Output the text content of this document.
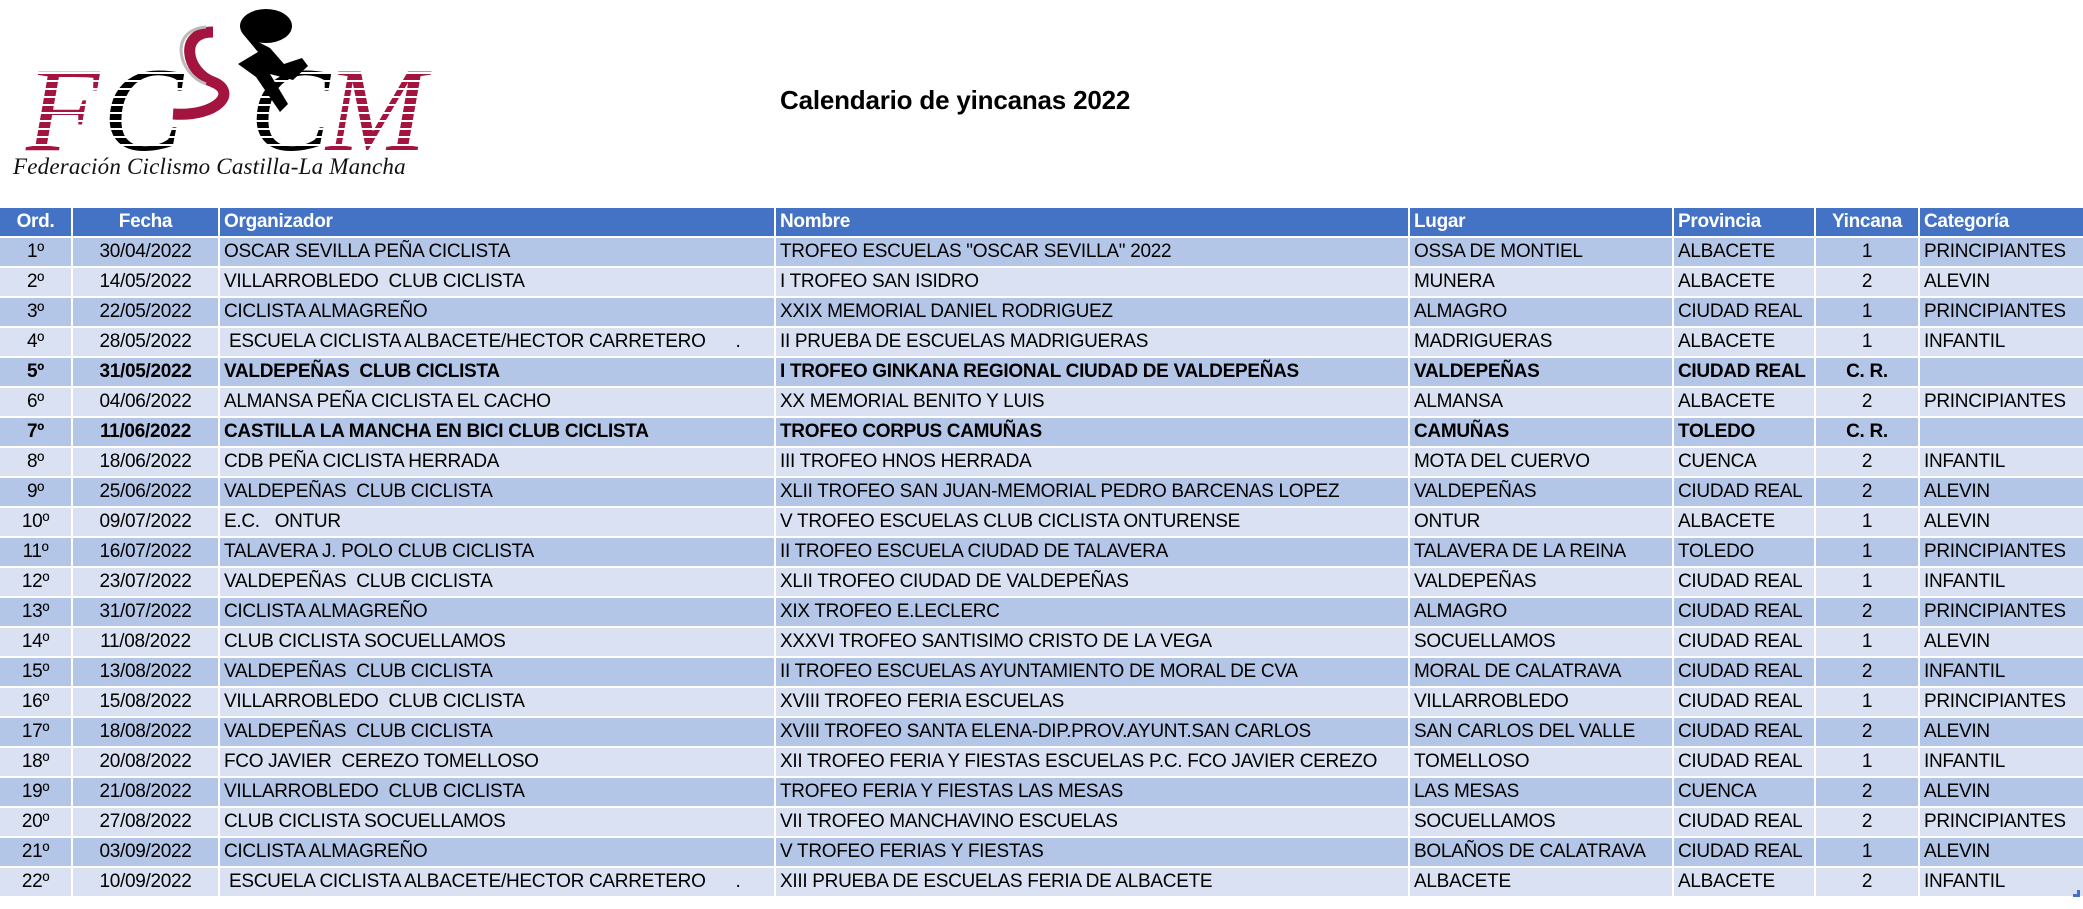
F C C
M
Federación Ciclismo Castilla-La Mancha
Calendario de yincanas 2022
Ord.	Fecha	Organizador	Nombre	Lugar	Provincia	Yincana	Categoría
1º	30/04/2022	OSCAR SEVILLA PEÑA CICLISTA	TROFEO ESCUELAS "OSCAR SEVILLA" 2022	OSSA DE MONTIEL	ALBACETE	1	PRINCIPIANTES
2º	14/05/2022	VILLARROBLEDO  CLUB CICLISTA	I TROFEO SAN ISIDRO	MUNERA	ALBACETE	2	ALEVIN
3º	22/05/2022	CICLISTA ALMAGREÑO	XXIX MEMORIAL DANIEL RODRIGUEZ	ALMAGRO	CIUDAD REAL	1	PRINCIPIANTES
4º	28/05/2022	ESCUELA CICLISTA ALBACETE/HECTOR CARRETERO      .	II PRUEBA DE ESCUELAS MADRIGUERAS	MADRIGUERAS	ALBACETE	1	INFANTIL
5º	31/05/2022	VALDEPEÑAS  CLUB CICLISTA	I TROFEO GINKANA REGIONAL CIUDAD DE VALDEPEÑAS	VALDEPEÑAS	CIUDAD REAL	C. R.
6º	04/06/2022	ALMANSA PEÑA CICLISTA EL CACHO	XX MEMORIAL BENITO Y LUIS	ALMANSA	ALBACETE	2	PRINCIPIANTES
7º	11/06/2022	CASTILLA LA MANCHA EN BICI CLUB CICLISTA	TROFEO CORPUS CAMUÑAS	CAMUÑAS	TOLEDO	C. R.
8º	18/06/2022	CDB PEÑA CICLISTA HERRADA	III TROFEO HNOS HERRADA	MOTA DEL CUERVO	CUENCA	2	INFANTIL
9º	25/06/2022	VALDEPEÑAS  CLUB CICLISTA	XLII TROFEO SAN JUAN-MEMORIAL PEDRO BARCENAS LOPEZ	VALDEPEÑAS	CIUDAD REAL	2	ALEVIN
10º	09/07/2022	E.C.   ONTUR	V TROFEO ESCUELAS CLUB CICLISTA ONTURENSE	ONTUR	ALBACETE	1	ALEVIN
11º	16/07/2022	TALAVERA J. POLO CLUB CICLISTA	II TROFEO ESCUELA CIUDAD DE TALAVERA	TALAVERA DE LA REINA	TOLEDO	1	PRINCIPIANTES
12º	23/07/2022	VALDEPEÑAS  CLUB CICLISTA	XLII TROFEO CIUDAD DE VALDEPEÑAS	VALDEPEÑAS	CIUDAD REAL	1	INFANTIL
13º	31/07/2022	CICLISTA ALMAGREÑO	XIX TROFEO E.LECLERC	ALMAGRO	CIUDAD REAL	2	PRINCIPIANTES
14º	11/08/2022	CLUB CICLISTA SOCUELLAMOS	XXXVI TROFEO SANTISIMO CRISTO DE LA VEGA	SOCUELLAMOS	CIUDAD REAL	1	ALEVIN
15º	13/08/2022	VALDEPEÑAS  CLUB CICLISTA	II TROFEO ESCUELAS AYUNTAMIENTO DE MORAL DE CVA	MORAL DE CALATRAVA	CIUDAD REAL	2	INFANTIL
16º	15/08/2022	VILLARROBLEDO  CLUB CICLISTA	XVIII TROFEO FERIA ESCUELAS	VILLARROBLEDO	CIUDAD REAL	1	PRINCIPIANTES
17º	18/08/2022	VALDEPEÑAS  CLUB CICLISTA	XVIII TROFEO SANTA ELENA-DIP.PROV.AYUNT.SAN CARLOS	SAN CARLOS DEL VALLE	CIUDAD REAL	2	ALEVIN
18º	20/08/2022	FCO JAVIER  CEREZO TOMELLOSO	XII TROFEO FERIA Y FIESTAS ESCUELAS P.C. FCO JAVIER CEREZO	TOMELLOSO	CIUDAD REAL	1	INFANTIL
19º	21/08/2022	VILLARROBLEDO  CLUB CICLISTA	TROFEO FERIA Y FIESTAS LAS MESAS	LAS MESAS	CUENCA	2	ALEVIN
20º	27/08/2022	CLUB CICLISTA SOCUELLAMOS	VII TROFEO MANCHAVINO ESCUELAS	SOCUELLAMOS	CIUDAD REAL	2	PRINCIPIANTES
21º	03/09/2022	CICLISTA ALMAGREÑO	V TROFEO FERIAS Y FIESTAS	BOLAÑOS DE CALATRAVA	CIUDAD REAL	1	ALEVIN
22º	10/09/2022	ESCUELA CICLISTA ALBACETE/HECTOR CARRETERO      .	XIII PRUEBA DE ESCUELAS FERIA DE ALBACETE	ALBACETE	ALBACETE	2	INFANTIL
